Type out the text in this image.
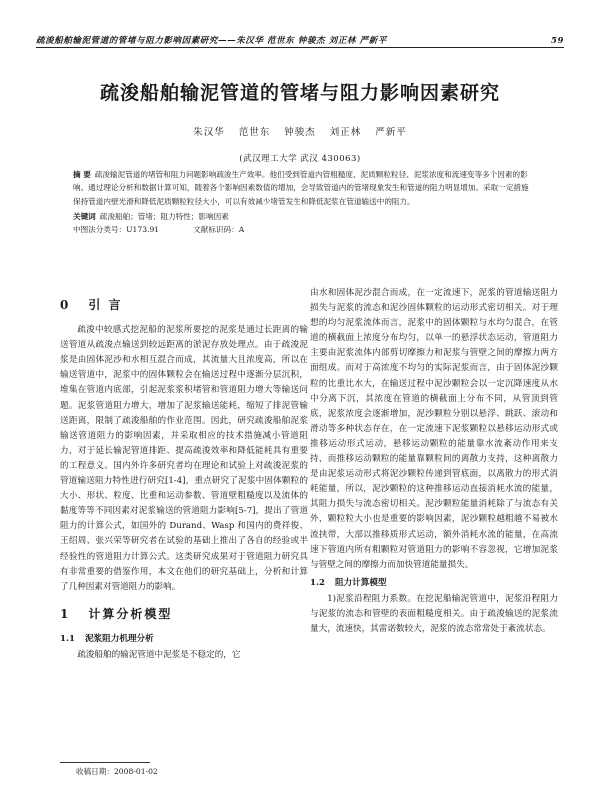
疏浚船舶输泥管道的管堵与阻力影响因素研究——朱汉华 范世东 钟骏杰 刘正林 严新平	59
疏浚船舶输泥管道的管堵与阻力影响因素研究
朱汉华 范世东 钟骏杰 刘正林 严新平
(武汉理工大学 武汉 430063)

摘 要 疏浚输泥管道的堵管和阻力问题影响疏浚生产效率。他们受到管道内管粗糙度、泥质颗粒粒径、泥浆浓度和流速变等多个因素的影响。通过理论分析和数据计算可知，随着各个影响因素数值的增加，会导致管道内的管堵现象发生和管道的阻力明显增加。采取一定措施保持管道内壁光滑和降低泥质颗粒粒径大小，可以有效减少堵管发生和降低泥浆在管道输送中的阻力。

关键词 疏浚船舶；管堵；阻力特性；影响因素

中图法分类号： U173.91	文献标识码： A

0 引 言

疏浚中较感式挖泥船的泥浆所要挖的泥浆是通过长距离的输送管道从疏浚点输送到较远距离的淤泥存放处理点。由于疏浚泥浆是由固体泥沙和水相互混合而成，其流量大且浓度高，所以在输送管道中，泥浆中的固体颗粒会在输送过程中逐渐分层沉积，堆集在管道内底部，引起泥浆浆积堵管和管道阻力增大等输送问题。泥浆管道阻力增大，增加了泥浆输送能耗，缩短了排泥管输送距离，限制了疏浚船舶的作业范围。因此，研究疏浚船舶泥浆输送管道阻力的影响因素，并采取相应的技术措施减小管道阻力，对于延长输泥管道排距、提高疏浚效率和降低能耗具有重要的工程意义。国内外许多研究者均在理论和试验上对疏浚泥浆的管道输送阻力特性进行研究[1-4]，重点研究了泥浆中固体颗粒的大小、形状、粒度、比重和运动参数、管道壁粗糙度以及流体的黏度等等不同因素对泥浆输送的管道阻力影响[5-7]，提出了管道阻力的计算公式，如国外的 Durand、Wasp 和国内的费祥俊、王绍周、张兴荣等研究者在试验的基础上推出了各自的经验或半经验性的管道阻力计算公式。这类研究成果对于管道阻力研究具有非常重要的借鉴作用，本文在他们的研究基础上，分析和计算了几种因素对管道阻力的影响。

1 计算分析模型
1.1 泥浆阻力机理分析

疏浚船舶的输泥管道中泥浆是不稳定的，它

由水和固体泥沙混合而成，在一定流速下，泥浆的管道输送阻力损失与泥浆的流态和泥沙固体颗粒的运动形式密切相关。对于理想的均匀泥浆流体而言，泥浆中的固体颗粒与水均匀混合，在管道的横截面上浓度分布均匀，以单一的悬浮状态运动，管道阻力主要由泥浆流体内部剪切摩擦力和泥浆与管壁之间的摩擦力两方面组成。而对于高浓度不均匀的实际泥浆而言，由于固体泥沙颗粒的比重比水大，在输送过程中泥沙颗粒会以一定沉降速度从水中分离下沉，其浓度在管道的横截面上分布不同，从管顶到管底，泥浆浓度会逐渐增加，泥沙颗粒分别以悬浮、跳跃、滚动和滑动等多种状态存在，在一定流速下泥浆颗粒以悬移运动形式或推移运动形式运动，悬移运动颗粒的能量靠水流紊动作用来支持，而推移运动颗粒的能量靠颗粒间的离散力支持，这种离散力是由泥浆运动形式将泥沙颗粒传递到管底面，以离散力的形式消耗能量，所以，泥沙颗粒的这种推移运动直接消耗水流的能量，其阻力损失与流态密切相关。泥沙颗粒能量消耗除了与流态有关外，颗粒粒大小也是重要的影响因素，泥沙颗粒越粗越不易被水流挟带，大部以推移质形式运动，额外消耗水流的能量，在高流速下管道内所有粗颗粒对管道阻力的影响不容忽视，它增加泥浆与管壁之间的摩擦力而加快管道能量损失。

1.2 阻力计算模型

1)泥浆沿程阻力系数。在挖泥船输泥管道中，泥浆沿程阻力与泥浆的流态和管壁的表面粗糙度相关。由于疏浚输送的泥浆流量大，流速快，其雷诺数较大，泥浆的流态常常处于紊流状态。

收稿日期：2008-01-02
